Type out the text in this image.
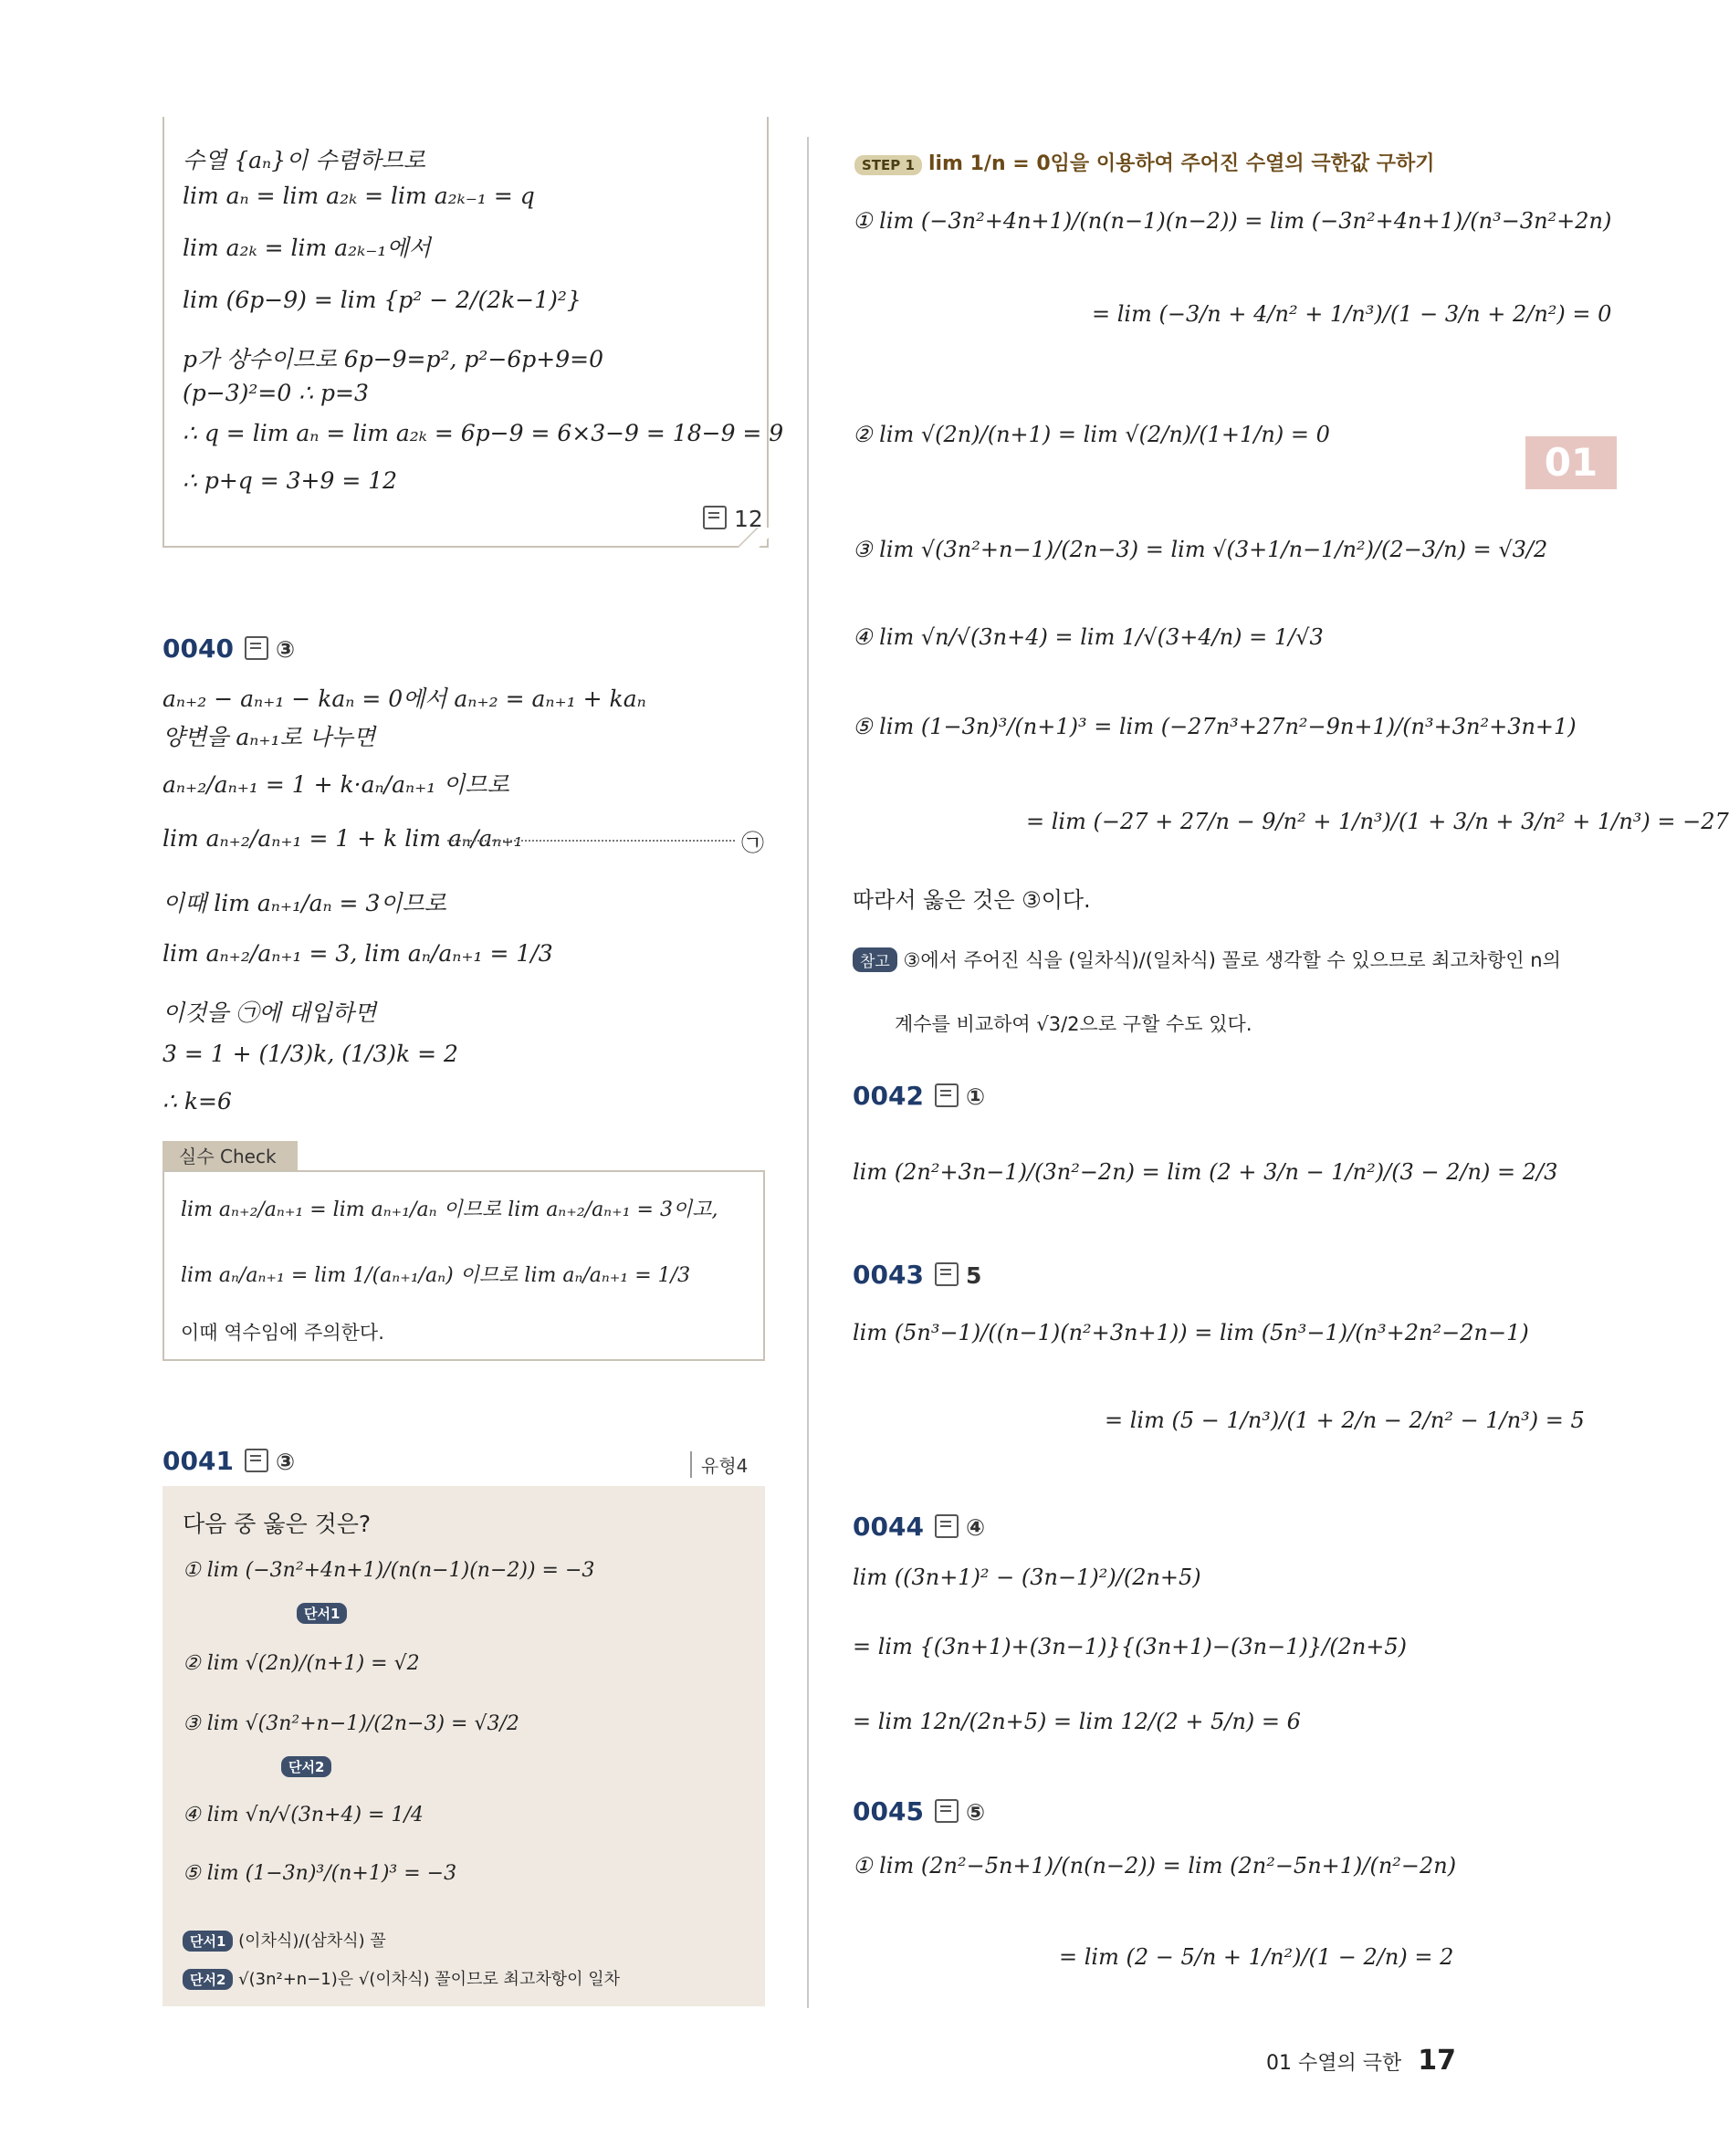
01
수열 {aₙ}이 수렴하므로
lim aₙ = lim a₂ₖ = lim a₂ₖ₋₁ = q
lim a₂ₖ = lim a₂ₖ₋₁에서
lim (6p−9) = lim {p² − 2/(2k−1)²}
p가 상수이므로 6p−9=p², p²−6p+9=0
(p−3)²=0 ∴ p=3
∴ q = lim aₙ = lim a₂ₖ = 6p−9 = 6×3−9 = 18−9 = 9
∴ p+q = 3+9 = 12
12
0040 ③
aₙ₊₂ − aₙ₊₁ − kaₙ = 0에서 aₙ₊₂ = aₙ₊₁ + kaₙ
양변을 aₙ₊₁로 나누면
aₙ₊₂/aₙ₊₁ = 1 + k·aₙ/aₙ₊₁ 이므로
lim aₙ₊₂/aₙ₊₁ = 1 + k lim aₙ/aₙ₊₁	㉠
이때 lim aₙ₊₁/aₙ = 3이므로
lim aₙ₊₂/aₙ₊₁ = 3, lim aₙ/aₙ₊₁ = 1/3
이것을 ㉠에 대입하면
3 = 1 + (1/3)k, (1/3)k = 2
∴ k=6
실수 Check
lim aₙ₊₂/aₙ₊₁ = lim aₙ₊₁/aₙ 이므로 lim aₙ₊₂/aₙ₊₁ = 3이고,
lim aₙ/aₙ₊₁ = lim 1/(aₙ₊₁/aₙ) 이므로 lim aₙ/aₙ₊₁ = 1/3
이때 역수임에 주의한다.
0041 ③	유형4
다음 중 옳은 것은?
① lim (−3n²+4n+1)/(n(n−1)(n−2)) = −3
단서1
② lim √(2n)/(n+1) = √2
③ lim √(3n²+n−1)/(2n−3) = √3/2
단서2
④ lim √n/√(3n+4) = 1/4
⑤ lim (1−3n)³/(n+1)³ = −3
단서1 (이차식)/(삼차식) 꼴
단서2 √(3n²+n−1)은 √(이차식) 꼴이므로 최고차항이 일차
STEP 1 lim 1/n = 0임을 이용하여 주어진 수열의 극한값 구하기
① lim (−3n²+4n+1)/(n(n−1)(n−2)) = lim (−3n²+4n+1)/(n³−3n²+2n)
= lim (−3/n + 4/n² + 1/n³)/(1 − 3/n + 2/n²) = 0
② lim √(2n)/(n+1) = lim √(2/n)/(1+1/n) = 0
③ lim √(3n²+n−1)/(2n−3) = lim √(3+1/n−1/n²)/(2−3/n) = √3/2
④ lim √n/√(3n+4) = lim 1/√(3+4/n) = 1/√3
⑤ lim (1−3n)³/(n+1)³ = lim (−27n³+27n²−9n+1)/(n³+3n²+3n+1)
= lim (−27 + 27/n − 9/n² + 1/n³)/(1 + 3/n + 3/n² + 1/n³) = −27
따라서 옳은 것은 ③이다.
참고 ③에서 주어진 식을 (일차식)/(일차식) 꼴로 생각할 수 있으므로 최고차항인 n의
계수를 비교하여 √3/2으로 구할 수도 있다.
0042 ①
lim (2n²+3n−1)/(3n²−2n) = lim (2 + 3/n − 1/n²)/(3 − 2/n) = 2/3
0043 5
lim (5n³−1)/((n−1)(n²+3n+1)) = lim (5n³−1)/(n³+2n²−2n−1)
= lim (5 − 1/n³)/(1 + 2/n − 2/n² − 1/n³) = 5
0044 ④
lim ((3n+1)² − (3n−1)²)/(2n+5)
= lim {(3n+1)+(3n−1)}{(3n+1)−(3n−1)}/(2n+5)
= lim 12n/(2n+5) = lim 12/(2 + 5/n) = 6
0045 ⑤
① lim (2n²−5n+1)/(n(n−2)) = lim (2n²−5n+1)/(n²−2n)
= lim (2 − 5/n + 1/n²)/(1 − 2/n) = 2
01 수열의 극한 17
